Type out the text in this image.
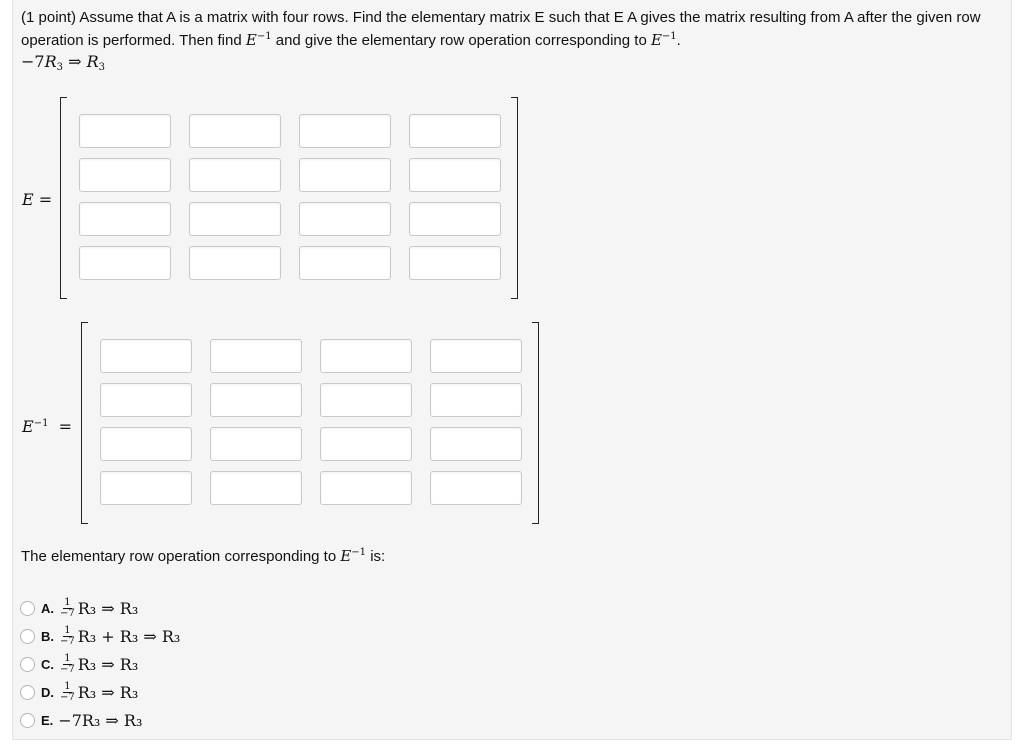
(1 point) Assume that A is a matrix with four rows. Find the elementary matrix E such that E A gives the matrix resulting from A after the given row operation is performed. Then find $E^{-1}$ and give the elementary row operation corresponding to $E^{-1}$.
$-7R_3$ ⇒ $R_3$
E =
$E^{-1}$ =
The elementary row operation corresponding to $E^{-1}$ is:
A. $\frac{1}{-7} R_3$ ⇒ R₃
B. $\frac{1}{-7} R_3 + R_3$ ⇒ R₃
C. $\frac{1}{-7} R_3$ ⇒ R₃
D. $\frac{1}{-7} R_3$ ⇒ R₃
E. −7R₃ ⇒ R₃
